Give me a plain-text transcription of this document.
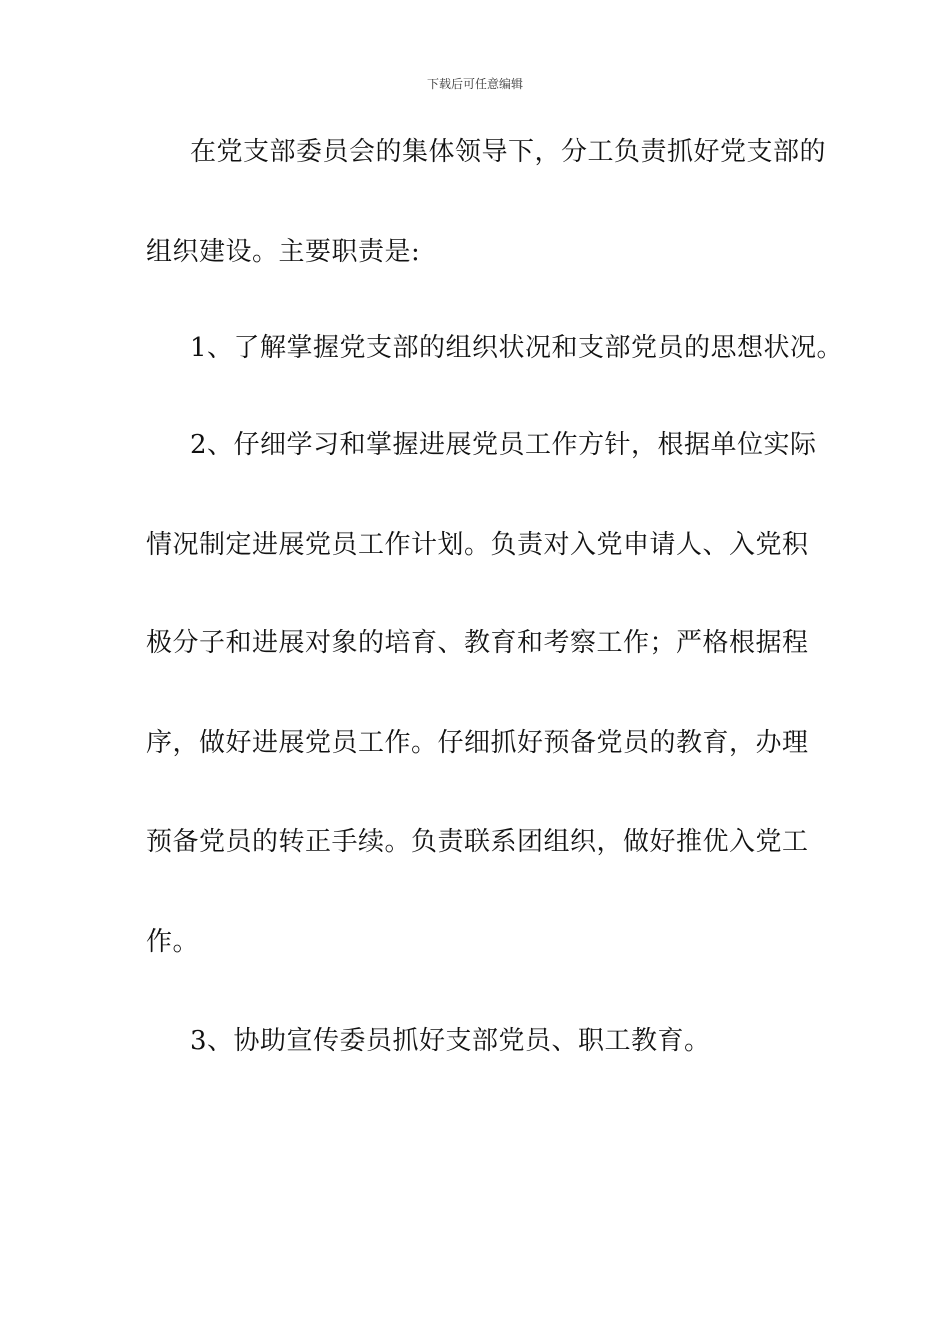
下载后可任意编辑
在党支部委员会的集体领导下，分工负责抓好党支部的
组织建设。主要职责是:
1、了解掌握党支部的组织状况和支部党员的思想状况。
2、仔细学习和掌握进展党员工作方针，根据单位实际
情况制定进展党员工作计划。负责对入党申请人、入党积
极分子和进展对象的培育、教育和考察工作；严格根据程
序，做好进展党员工作。仔细抓好预备党员的教育，办理
预备党员的转正手续。负责联系团组织，做好推优入党工
作。
3、协助宣传委员抓好支部党员、职工教育。
